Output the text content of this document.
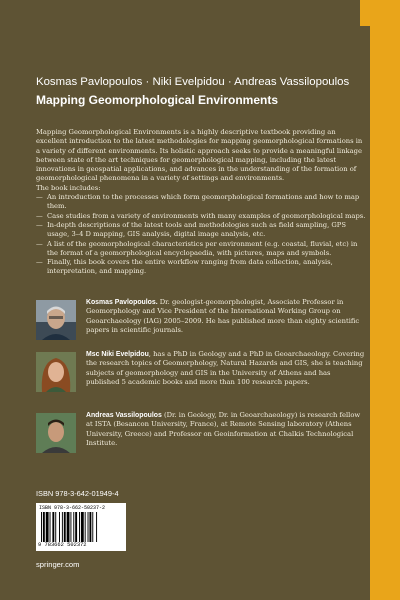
Kosmas Pavlopoulos · Niki Evelpidou · Andreas Vassilopoulos
Mapping Geomorphological Environments

Mapping Geomorphological Environments is a highly descriptive textbook providing an excellent introduction to the latest methodologies for mapping geomorphological formations in a variety of different environments. Its holistic approach seeks to provide a meaningful linkage between state of the art techniques for geomorphological mapping, including the latest innovations in geospatial applications, and advances in the understanding of the formation of geomorphological phenomena in a variety of settings and environments.

The book includes:

— An introduction to the processes which form geomorphological formations and how to map them.
— Case studies from a variety of environments with many examples of geomorphological maps.
— In-depth descriptions of the latest tools and methodologies such as field sampling, GPS usage, 3–4 D mapping, GIS analysis, digital image analysis, etc.
— A list of the geomorphological characteristics per environment (e.g. coastal, fluvial, etc) in the format of a geomorphological encyclopaedia, with pictures, maps and symbols.
— Finally, this book covers the entire workflow ranging from data collection, analysis, interpretation, and mapping.
Kosmas Pavlopoulos. Dr. geologist-geomorphologist, Associate Professor in Geomorphology and Vice President of the International Working Group on Geoarchaeology (IAG) 2005–2009. He has published more than eighty scientific papers in scientific journals.
Msc Niki Evelpidou, has a PhD in Geology and a PhD in Geoarchaeology. Covering the research topics of Geomorphology, Natural Hazards and GIS, she is teaching subjects of geomorphology and GIS in the University of Athens and has published 5 academic books and more than 100 research papers.
Andreas Vassilopoulos (Dr. in Geology, Dr. in Geoarchaeology) is research fellow at ISTA (Besancon University, France), at Remote Sensing laboratory (Athens University, Greece) and Professor on Geoinformation at Chalkis Technological Institute.
ISBN 978-3-642-01949-4
ISBN 978-3-662-50237-2
9 783662 502372
springer.com
